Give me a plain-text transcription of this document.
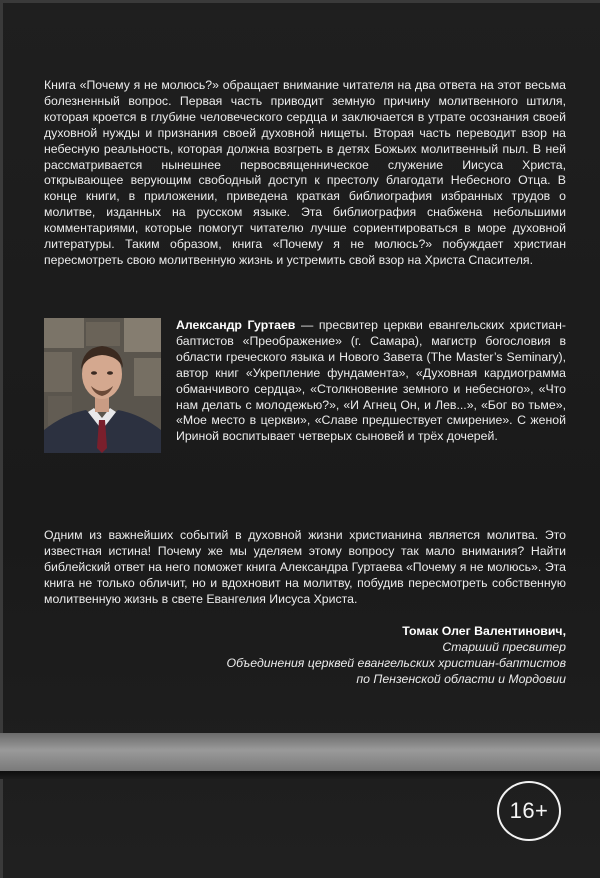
Книга «Почему я не молюсь?» обращает внимание читателя на два ответа на этот весьма болезненный вопрос. Первая часть приводит земную причину молитвенного штиля, которая кроется в глубине человеческого сердца и заключается в утрате осознания своей духовной нужды и признания своей духовной нищеты. Вторая часть переводит взор на небесную реальность, которая должна возгреть в детях Божьих молитвенный пыл. В ней рассматривается нынешнее первосвященническое служение Иисуса Христа, открывающее верующим свободный доступ к престолу благодати Небесного Отца. В конце книги, в приложении, приведена краткая библиография избранных трудов о молитве, изданных на русском языке. Эта библиография снабжена небольшими комментариями, которые помогут читателю лучше сориентироваться в море духовной литературы. Таким образом, книга «Почему я не молюсь?» побуждает христиан пересмотреть свою молитвенную жизнь и устремить свой взор на Христа Спасителя.

Александр Гуртаев — пресвитер церкви евангельских христиан-баптистов «Преображение» (г. Самара), магистр богословия в области греческого языка и Нового Завета (The Master’s Seminary), автор книг «Укрепление фундамента», «Духовная кардиограмма обманчивого сердца», «Столкновение земного и небесного», «Что нам делать с молодежью?», «И Агнец Он, и Лев...», «Бог во тьме», «Мое место в церкви», «Славе предшествует смирение». С женой Ириной воспитывает четверых сыновей и трёх дочерей.

Одним из важнейших событий в духовной жизни христианина является молитва. Это известная истина! Почему же мы уделяем этому вопросу так мало внимания? Найти библейский ответ на него поможет книга Александра Гуртаева «Почему я не молюсь». Эта книга не только обличит, но и вдохновит на молитву, побудив пересмотреть собственную молитвенную жизнь в свете Евангелия Иисуса Христа.

Томак Олег Валентинович,
Старший пресвитер
Объединения церквей евангельских христиан-баптистов
по Пензенской области и Мордовии
16+
